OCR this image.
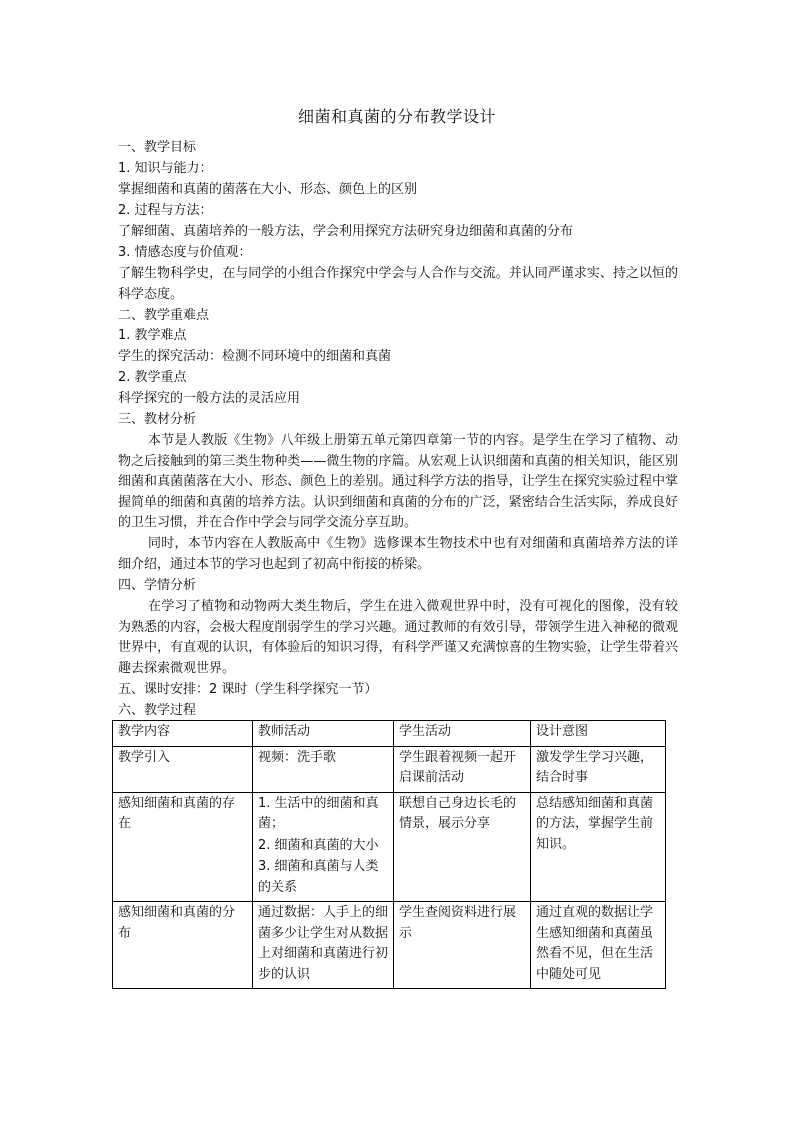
细菌和真菌的分布教学设计
一、教学目标
1. 知识与能力：
掌握细菌和真菌的菌落在大小、形态、颜色上的区别
2. 过程与方法：
了解细菌、真菌培养的一般方法，学会利用探究方法研究身边细菌和真菌的分布
3. 情感态度与价值观：
了解生物科学史，在与同学的小组合作探究中学会与人合作与交流。并认同严谨求实、持之以恒的科学态度。
二、教学重难点
1. 教学难点
学生的探究活动：检测不同环境中的细菌和真菌
2. 教学重点
科学探究的一般方法的灵活应用
三、教材分析
本节是人教版《生物》八年级上册第五单元第四章第一节的内容。是学生在学习了植物、动物之后接触到的第三类生物种类——微生物的序篇。从宏观上认识细菌和真菌的相关知识，能区别细菌和真菌菌落在大小、形态、颜色上的差别。通过科学方法的指导，让学生在探究实验过程中掌握简单的细菌和真菌的培养方法。认识到细菌和真菌的分布的广泛，紧密结合生活实际，养成良好的卫生习惯，并在合作中学会与同学交流分享互助。
同时，本节内容在人教版高中《生物》选修课本生物技术中也有对细菌和真菌培养方法的详细介绍，通过本节的学习也起到了初高中衔接的桥梁。
四、学情分析
在学习了植物和动物两大类生物后，学生在进入微观世界中时，没有可视化的图像，没有较为熟悉的内容，会极大程度削弱学生的学习兴趣。通过教师的有效引导，带领学生进入神秘的微观世界中，有直观的认识，有体验后的知识习得，有科学严谨又充满惊喜的生物实验，让学生带着兴趣去探索微观世界。
五、课时安排：2 课时（学生科学探究一节）
六、教学过程
教学内容	教师活动	学生活动	设计意图
教学引入	视频：洗手歌	学生跟着视频一起开启课前活动	激发学生学习兴趣，结合时事
感知细菌和真菌的存在	1. 生活中的细菌和真菌；
2. 细菌和真菌的大小
3. 细菌和真菌与人类的关系	联想自己身边长毛的情景，展示分享	总结感知细菌和真菌的方法，掌握学生前知识。
感知细菌和真菌的分布	通过数据：人手上的细菌多少让学生对从数据上对细菌和真菌进行初步的认识	学生查阅资料进行展示	通过直观的数据让学生感知细菌和真菌虽然看不见，但在生活中随处可见
